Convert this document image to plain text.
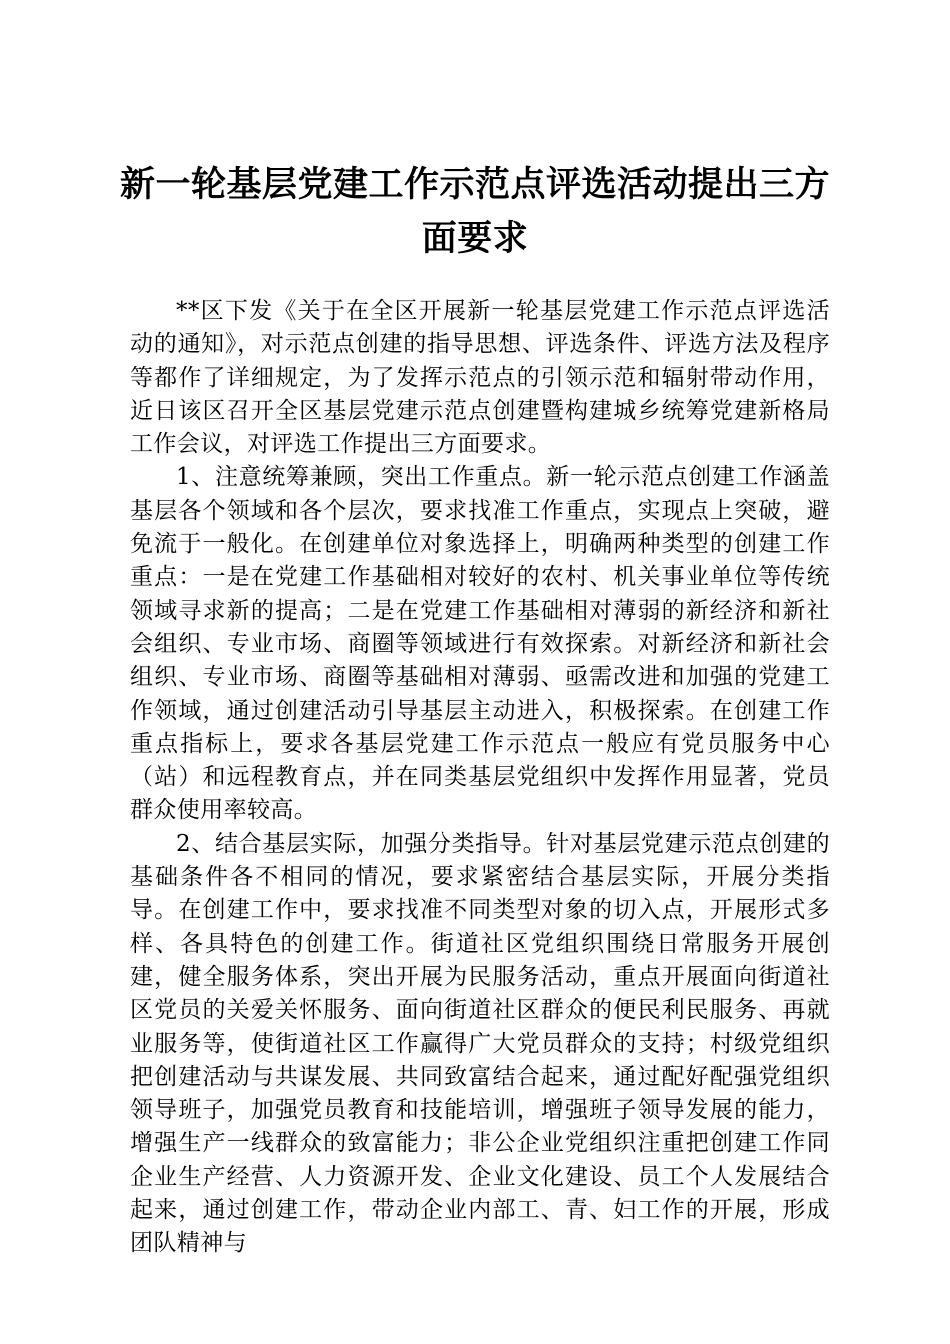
新一轮基层党建工作示范点评选活动提出三方面要求

**区下发《关于在全区开展新一轮基层党建工作示范点评选活动的通知》，对示范点创建的指导思想、评选条件、评选方法及程序等都作了详细规定，为了发挥示范点的引领示范和辐射带动作用，近日该区召开全区基层党建示范点创建暨构建城乡统筹党建新格局工作会议，对评选工作提出三方面要求。

1、注意统筹兼顾，突出工作重点。新一轮示范点创建工作涵盖基层各个领域和各个层次，要求找准工作重点，实现点上突破，避免流于一般化。在创建单位对象选择上，明确两种类型的创建工作重点：一是在党建工作基础相对较好的农村、机关事业单位等传统领域寻求新的提高；二是在党建工作基础相对薄弱的新经济和新社会组织、专业市场、商圈等领域进行有效探索。对新经济和新社会组织、专业市场、商圈等基础相对薄弱、亟需改进和加强的党建工作领域，通过创建活动引导基层主动进入，积极探索。在创建工作重点指标上，要求各基层党建工作示范点一般应有党员服务中心（站）和远程教育点，并在同类基层党组织中发挥作用显著，党员群众使用率较高。

2、结合基层实际，加强分类指导。针对基层党建示范点创建的基础条件各不相同的情况，要求紧密结合基层实际，开展分类指导。在创建工作中，要求找准不同类型对象的切入点，开展形式多样、各具特色的创建工作。街道社区党组织围绕日常服务开展创建，健全服务体系，突出开展为民服务活动，重点开展面向街道社区党员的关爱关怀服务、面向街道社区群众的便民利民服务、再就业服务等，使街道社区工作赢得广大党员群众的支持；村级党组织把创建活动与共谋发展、共同致富结合起来，通过配好配强党组织领导班子，加强党员教育和技能培训，增强班子领导发展的能力，增强生产一线群众的致富能力；非公企业党组织注重把创建工作同企业生产经营、人力资源开发、企业文化建设、员工个人发展结合起来，通过创建工作，带动企业内部工、青、妇工作的开展，形成团队精神与
